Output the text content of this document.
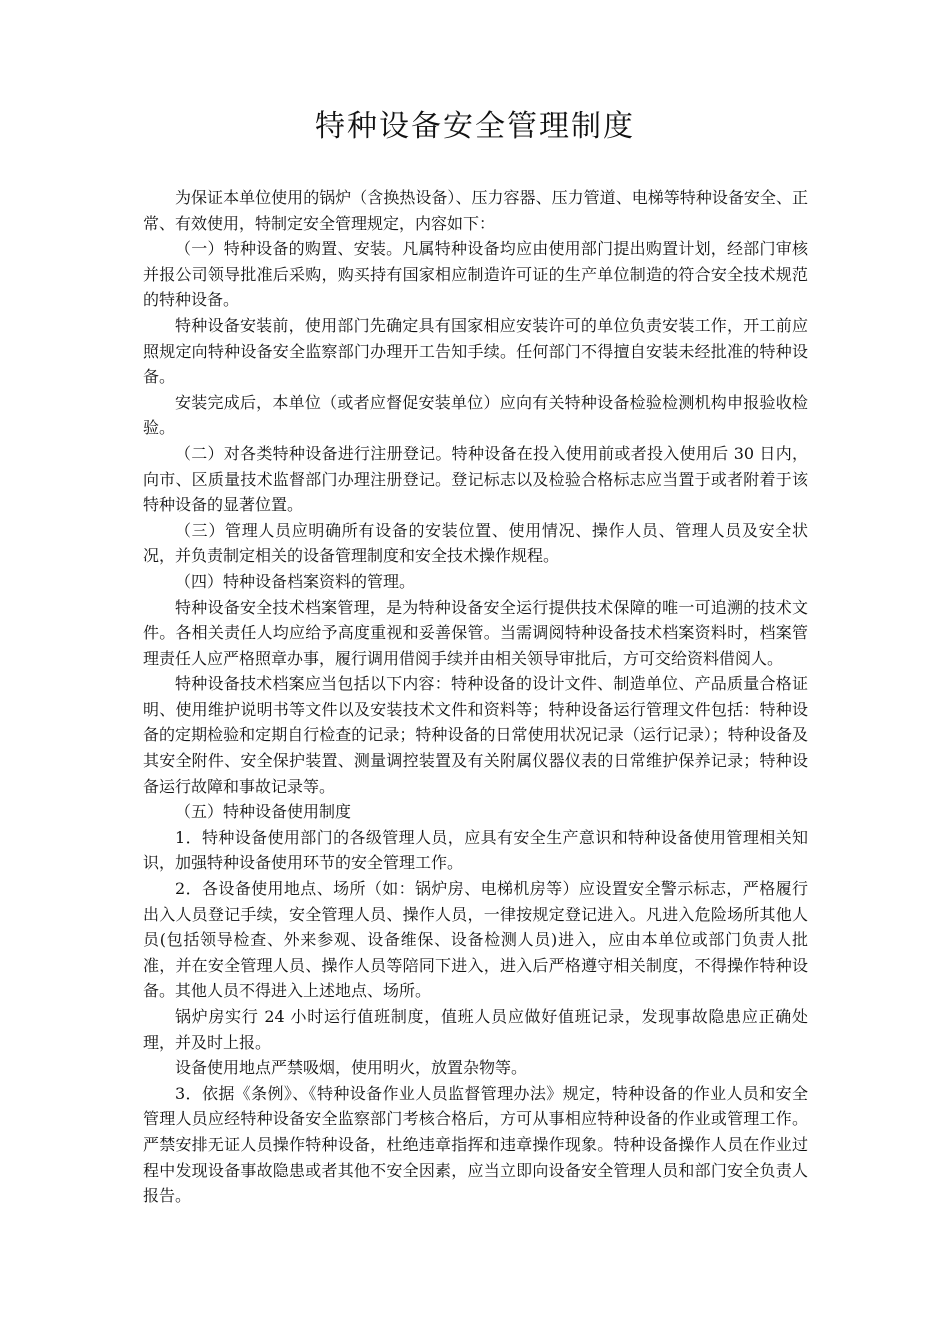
特种设备安全管理制度

为保证本单位使用的锅炉（含换热设备）、压力容器、压力管道、电梯等特种设备安全、正常、有效使用，特制定安全管理规定，内容如下：

（一）特种设备的购置、安装。凡属特种设备均应由使用部门提出购置计划，经部门审核并报公司领导批准后采购，购买持有国家相应制造许可证的生产单位制造的符合安全技术规范的特种设备。

特种设备安装前，使用部门先确定具有国家相应安装许可的单位负责安装工作，开工前应照规定向特种设备安全监察部门办理开工告知手续。任何部门不得擅自安装未经批准的特种设备。

安装完成后，本单位（或者应督促安装单位）应向有关特种设备检验检测机构申报验收检验。

（二）对各类特种设备进行注册登记。特种设备在投入使用前或者投入使用后 30 日内，向市、区质量技术监督部门办理注册登记。登记标志以及检验合格标志应当置于或者附着于该特种设备的显著位置。

（三）管理人员应明确所有设备的安装位置、使用情况、操作人员、管理人员及安全状况，并负责制定相关的设备管理制度和安全技术操作规程。

（四）特种设备档案资料的管理。

特种设备安全技术档案管理，是为特种设备安全运行提供技术保障的唯一可追溯的技术文件。各相关责任人均应给予高度重视和妥善保管。当需调阅特种设备技术档案资料时，档案管理责任人应严格照章办事，履行调用借阅手续并由相关领导审批后，方可交给资料借阅人。

特种设备技术档案应当包括以下内容：特种设备的设计文件、制造单位、产品质量合格证明、使用维护说明书等文件以及安装技术文件和资料等；特种设备运行管理文件包括：特种设备的定期检验和定期自行检查的记录；特种设备的日常使用状况记录（运行记录）；特种设备及其安全附件、安全保护装置、测量调控装置及有关附属仪器仪表的日常维护保养记录；特种设备运行故障和事故记录等。

（五）特种设备使用制度

1．特种设备使用部门的各级管理人员，应具有安全生产意识和特种设备使用管理相关知识，加强特种设备使用环节的安全管理工作。

2．各设备使用地点、场所（如：锅炉房、电梯机房等）应设置安全警示标志，严格履行出入人员登记手续，安全管理人员、操作人员，一律按规定登记进入。凡进入危险场所其他人员(包括领导检查、外来参观、设备维保、设备检测人员)进入，应由本单位或部门负责人批准，并在安全管理人员、操作人员等陪同下进入，进入后严格遵守相关制度，不得操作特种设备。其他人员不得进入上述地点、场所。

锅炉房实行 24 小时运行值班制度，值班人员应做好值班记录，发现事故隐患应正确处理，并及时上报。

设备使用地点严禁吸烟，使用明火，放置杂物等。

3．依据《条例》、《特种设备作业人员监督管理办法》规定，特种设备的作业人员和安全管理人员应经特种设备安全监察部门考核合格后，方可从事相应特种设备的作业或管理工作。严禁安排无证人员操作特种设备，杜绝违章指挥和违章操作现象。特种设备操作人员在作业过程中发现设备事故隐患或者其他不安全因素，应当立即向设备安全管理人员和部门安全负责人报告。
